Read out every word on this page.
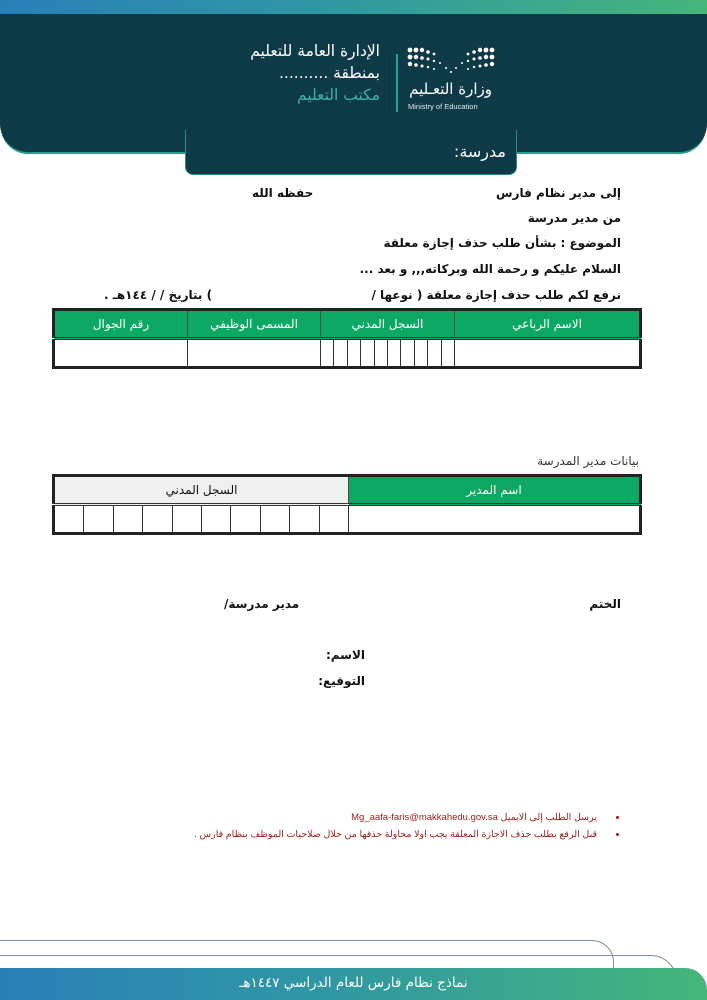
وزارة التعـليم
Ministry of Education
الإدارة العامة للتعليم
بمنطقة ..........
مكتب التعليم
مدرسة:
إلى مدير نظام فارس
من مدير مدرسة
الموضوع : بشأن طلب حذف إجازة معلقة
السلام عليكم و رحمة الله وبركاته,,, و بعد ...
نرفع لكم طلب حذف إجازة معلقة ( نوعها /
حفظه الله
) بتاريخ / / ١٤٤هـ .
الاسم الرباعي	السجل المدني	المسمى الوظيفي	رقم الجوال

بيانات مدير المدرسة
اسم المدير	السجل المدني

الختم
مدير مدرسة/
الاسم:
التوقيع:
• يرسل الطلب إلى الايميل Mg_aafa-faris@makkahedu.gov.sa
• قبل الرفع بطلب حذف الاجازة المعلقة يجب اولا محاولة حذفها من خلال صلاحيات الموظف بنظام فارس .
نماذج نظام فارس للعام الدراسي ١٤٤٧هـ
